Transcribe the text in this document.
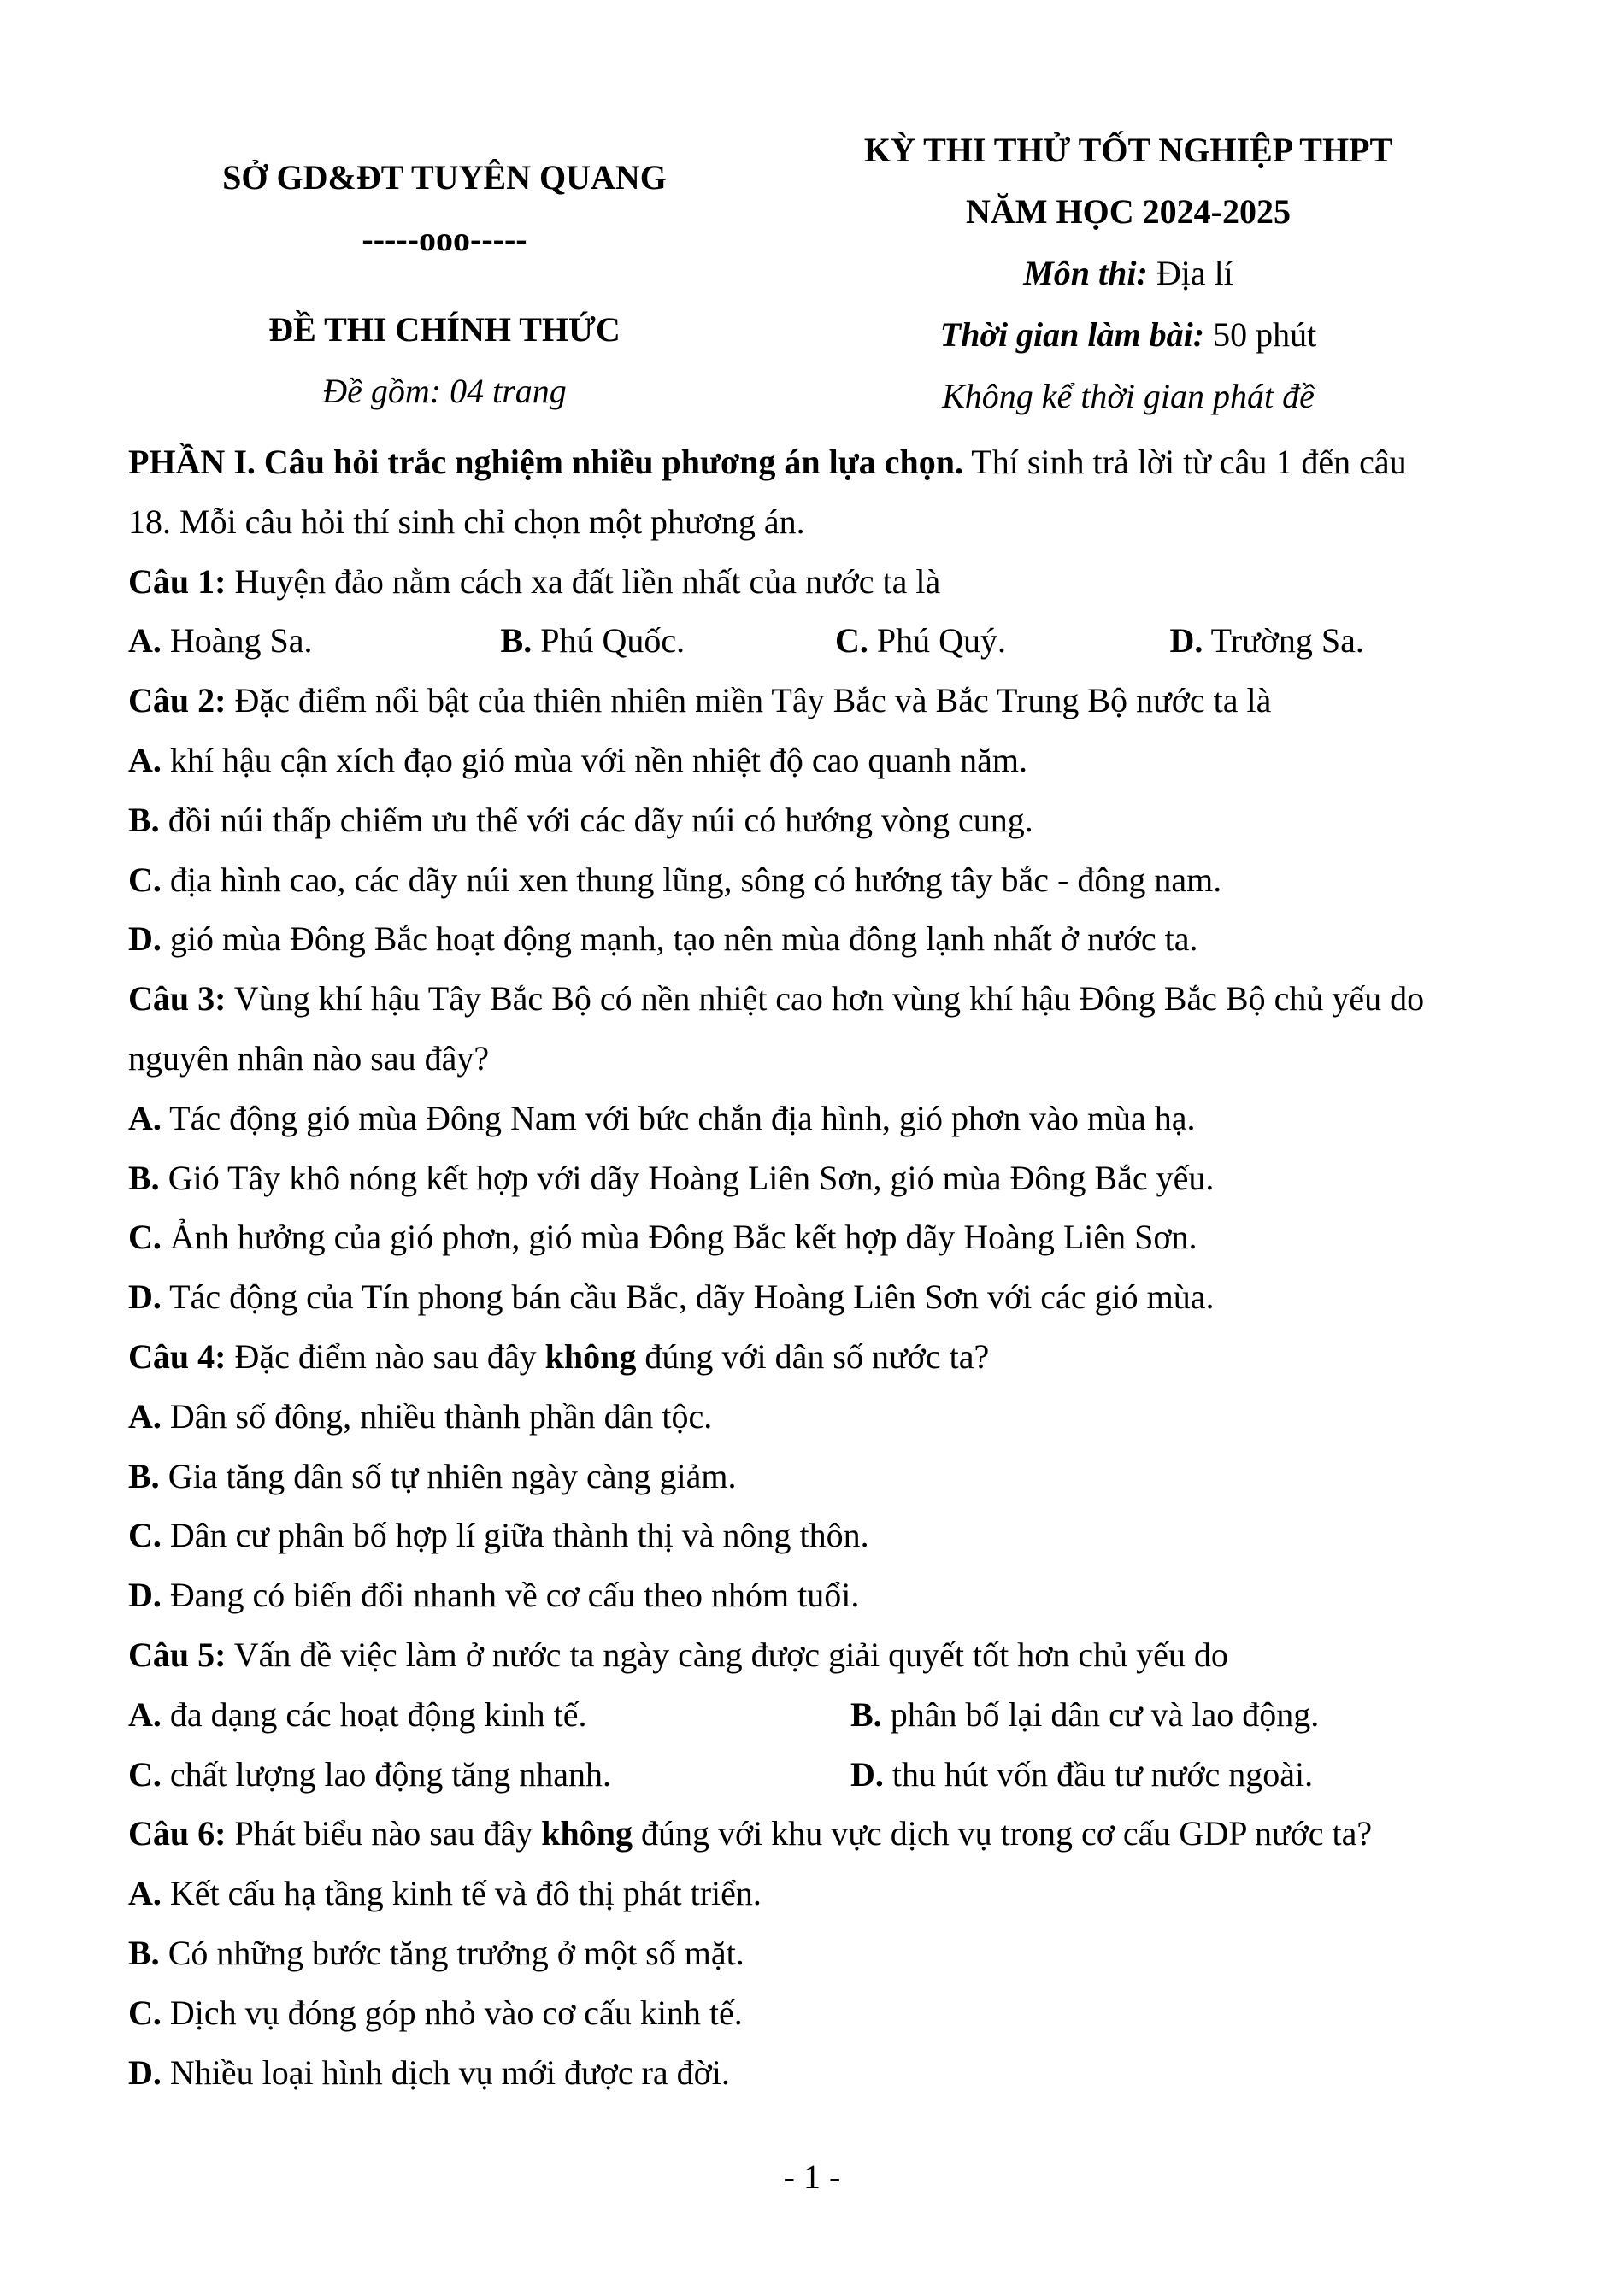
SỞ GD&ĐT TUYÊN QUANG
-----ooo-----
ĐỀ THI CHÍNH THỨC
Đề gồm: 04 trang
KỲ THI THỬ TỐT NGHIỆP THPT
NĂM HỌC 2024-2025
Môn thi: Địa lí
Thời gian làm bài: 50 phút
Không kể thời gian phát đề
PHẦN I. Câu hỏi trắc nghiệm nhiều phương án lựa chọn. Thí sinh trả lời từ câu 1 đến câu
18. Mỗi câu hỏi thí sinh chỉ chọn một phương án.
Câu 1: Huyện đảo nằm cách xa đất liền nhất của nước ta là
A. Hoàng Sa.	B. Phú Quốc.	C. Phú Quý.	D. Trường Sa.
Câu 2: Đặc điểm nổi bật của thiên nhiên miền Tây Bắc và Bắc Trung Bộ nước ta là
A. khí hậu cận xích đạo gió mùa với nền nhiệt độ cao quanh năm.
B. đồi núi thấp chiếm ưu thế với các dãy núi có hướng vòng cung.
C. địa hình cao, các dãy núi xen thung lũng, sông có hướng tây bắc - đông nam.
D. gió mùa Đông Bắc hoạt động mạnh, tạo nên mùa đông lạnh nhất ở nước ta.
Câu 3: Vùng khí hậu Tây Bắc Bộ có nền nhiệt cao hơn vùng khí hậu Đông Bắc Bộ chủ yếu do
nguyên nhân nào sau đây?
A. Tác động gió mùa Đông Nam với bức chắn địa hình, gió phơn vào mùa hạ.
B. Gió Tây khô nóng kết hợp với dãy Hoàng Liên Sơn, gió mùa Đông Bắc yếu.
C. Ảnh hưởng của gió phơn, gió mùa Đông Bắc kết hợp dãy Hoàng Liên Sơn.
D. Tác động của Tín phong bán cầu Bắc, dãy Hoàng Liên Sơn với các gió mùa.
Câu 4: Đặc điểm nào sau đây không đúng với dân số nước ta?
A. Dân số đông, nhiều thành phần dân tộc.
B. Gia tăng dân số tự nhiên ngày càng giảm.
C. Dân cư phân bố hợp lí giữa thành thị và nông thôn.
D. Đang có biến đổi nhanh về cơ cấu theo nhóm tuổi.
Câu 5: Vấn đề việc làm ở nước ta ngày càng được giải quyết tốt hơn chủ yếu do
A. đa dạng các hoạt động kinh tế.	B. phân bố lại dân cư và lao động.
C. chất lượng lao động tăng nhanh.	D. thu hút vốn đầu tư nước ngoài.
Câu 6: Phát biểu nào sau đây không đúng với khu vực dịch vụ trong cơ cấu GDP nước ta?
A. Kết cấu hạ tầng kinh tế và đô thị phát triển.
B. Có những bước tăng trưởng ở một số mặt.
C. Dịch vụ đóng góp nhỏ vào cơ cấu kinh tế.
D. Nhiều loại hình dịch vụ mới được ra đời.
- 1 -
